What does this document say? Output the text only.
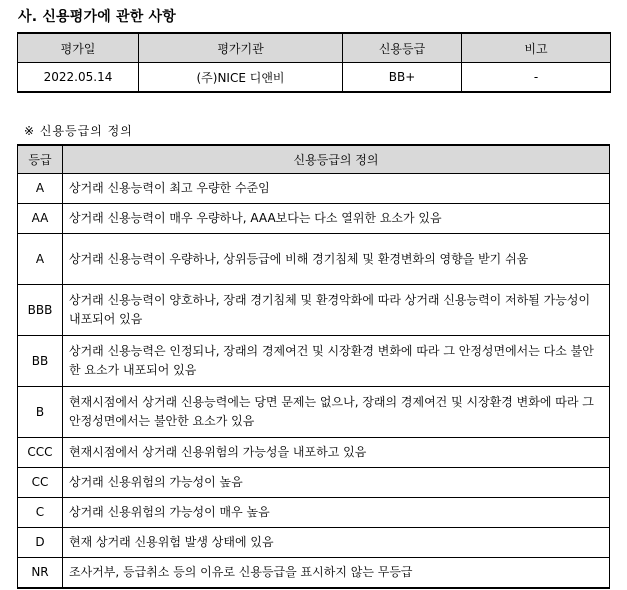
사. 신용평가에 관한 사항
평가일	평가기관	신용등급	비고
2022.05.14	(주)NICE 디앤비	BB+	-
※ 신용등급의 정의
등급	신용등급의 정의
A	상거래 신용능력이 최고 우량한 수준임
AA	상거래 신용능력이 매우 우량하나, AAA보다는 다소 열위한 요소가 있음
A	상거래 신용능력이 우량하나, 상위등급에 비해 경기침체 및 환경변화의 영향을 받기 쉬움
BBB	상거래 신용능력이 양호하나, 장래 경기침체 및 환경악화에 따라 상거래 신용능력이 저하될 가능성이 내포되어 있음
BB	상거래 신용능력은 인정되나, 장래의 경제여건 및 시장환경 변화에 따라 그 안정성면에서는 다소 불안한 요소가 내포되어 있음
B	현재시점에서 상거래 신용능력에는 당면 문제는 없으나, 장래의 경제여건 및 시장환경 변화에 따라 그 안정성면에서는 불안한 요소가 있음
CCC	현재시점에서 상거래 신용위험의 가능성을 내포하고 있음
CC	상거래 신용위험의 가능성이 높음
C	상거래 신용위험의 가능성이 매우 높음
D	현재 상거래 신용위험 발생 상태에 있음
NR	조사거부, 등급취소 등의 이유로 신용등급을 표시하지 않는 무등급
